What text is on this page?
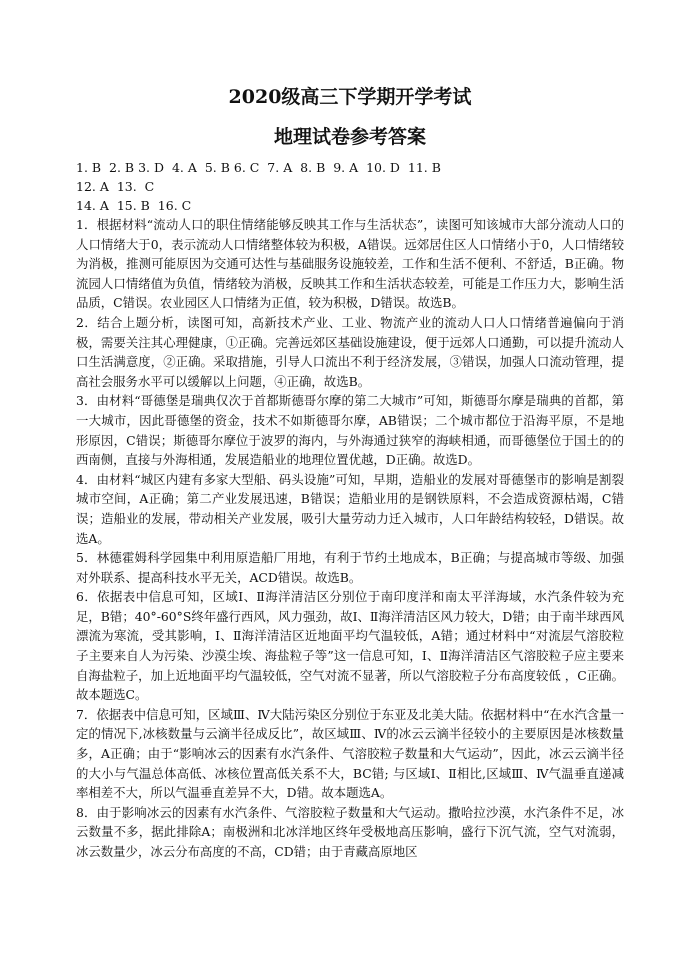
2020级高三下学期开学考试
地理试卷参考答案
1. B  2. B 3. D  4. A  5. B 6. C  7. A  8. B  9. A  10. D  11. B
12. A  13.  C
14. A  15. B  16. C

1．根据材料“流动人口的职住情绪能够反映其工作与生活状态”，读图可知该城市大部分流动人口的人口情绪大于0，表示流动人口情绪整体较为积极，A错误。远郊居住区人口情绪小于0，人口情绪较为消极，推测可能原因为交通可达性与基础服务设施较差，工作和生活不便利、不舒适，B正确。物流园人口情绪值为负值，情绪较为消极，反映其工作和生活状态较差，可能是工作压力大，影响生活品质，C错误。农业园区人口情绪为正值，较为积极，D错误。故选B。

2．结合上题分析，读图可知，高新技术产业、工业、物流产业的流动人口人口情绪普遍偏向于消极，需要关注其心理健康，①正确。完善远郊区基础设施建设，便于远郊人口通勤，可以提升流动人口生活满意度，②正确。采取措施，引导人口流出不利于经济发展，③错误，加强人口流动管理，提高社会服务水平可以缓解以上问题，④正确，故选B。

3．由材料“哥德堡是瑞典仅次于首都斯德哥尔摩的第二大城市”可知，斯德哥尔摩是瑞典的首都，第一大城市，因此哥德堡的资金，技术不如斯德哥尔摩，AB错误；二个城市都位于沿海平原，不是地形原因，C错误；斯德哥尔摩位于波罗的海内，与外海通过狭窄的海峡相通，而哥德堡位于国土的的西南侧，直接与外海相通，发展造船业的地理位置优越，D正确。故选D。

4．由材料“城区内建有多家大型船、码头设施”可知，早期，造船业的发展对哥德堡市的影响是割裂城市空间，A正确；第二产业发展迅速，B错误；造船业用的是钢铁原料，不会造成资源枯竭，C错误；造船业的发展，带动相关产业发展，吸引大量劳动力迁入城市，人口年龄结构较轻，D错误。故选A。

5．林德霍姆科学园集中利用原造船厂用地，有利于节约土地成本，B正确；与提高城市等级、加强对外联系、提高科技水平无关，ACD错误。故选B。

6．依据表中信息可知，区域Ⅰ、Ⅱ海洋清洁区分别位于南印度洋和南太平洋海域，水汽条件较为充足，B错；40°-60°S终年盛行西风，风力强劲，故Ⅰ、Ⅱ海洋清洁区风力较大，D错；由于南半球西风漂流为寒流，受其影响，Ⅰ、Ⅱ海洋清洁区近地面平均气温较低，A错；通过材料中“对流层气溶胶粒子主要来自人为污染、沙漠尘埃、海盐粒子等”这一信息可知，Ⅰ、Ⅱ海洋清洁区气溶胶粒子应主要来自海盐粒子，加上近地面平均气温较低，空气对流不显著，所以气溶胶粒子分布高度较低 ，C正确。故本题选C。

7．依据表中信息可知，区域Ⅲ、Ⅳ大陆污染区分别位于东亚及北美大陆。依据材料中“在水汽含量一定的情况下,冰核数量与云滴半径成反比”，故区域Ⅲ、Ⅳ的冰云云滴半径较小的主要原因是冰核数量多，A正确；由于“影响冰云的因素有水汽条件、气溶胶粒子数量和大气运动”，因此，冰云云滴半径的大小与气温总体高低、冰核位置高低关系不大，BC错; 与区域Ⅰ、Ⅱ相比,区域Ⅲ、Ⅳ气温垂直递减率相差不大，所以气温垂直差异不大，D错。故本题选A。

8．由于影响冰云的因素有水汽条件、气溶胶粒子数量和大气运动。撒哈拉沙漠，水汽条件不足，冰云数量不多，据此排除A；南极洲和北冰洋地区终年受极地高压影响，盛行下沉气流，空气对流弱，冰云数量少，冰云分布高度的不高，CD错；由于青藏高原地区
